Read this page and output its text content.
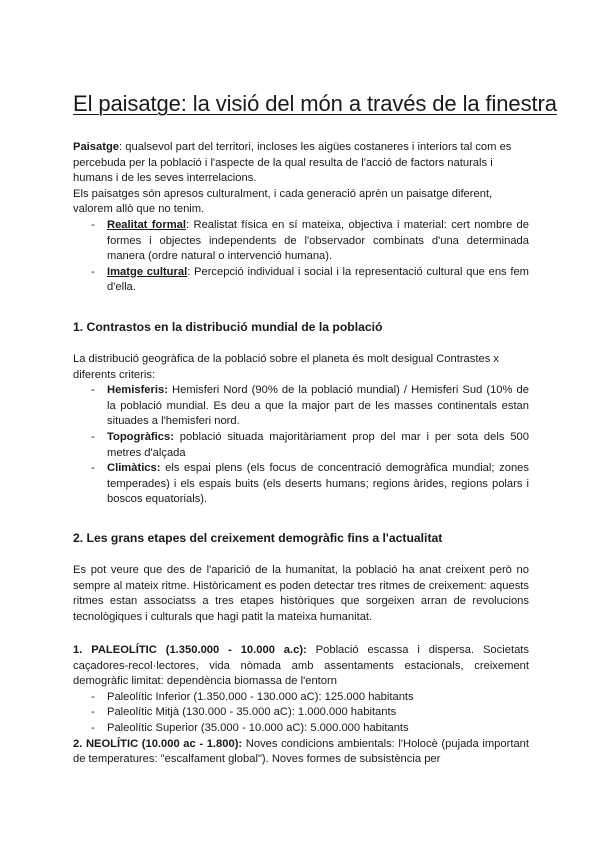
El paisatge: la visió del món a través de la finestra

Paisatge: qualsevol part del territori, incloses les aigües costaneres i interiors tal com es percebuda per la població i l'aspecte de la qual resulta de l'acció de factors naturals i humans i de les seves interrelacions.

Els paisatges són apresos culturalment, i cada generació aprèn un paisatge diferent, valorem allò que no tenim.

- Realitat formal: Realistat física en sí mateixa, objectiva i material: cert nombre de formes i objectes independents de l'observador combinats d'una determinada manera (ordre natural o intervenció humana).
- Imatge cultural: Percepció individual i social i la representació cultural que ens fem d'ella.
1. Contrastos en la distribució mundial de la població

La distribució geogràfica de la població sobre el planeta és molt desigual Contrastes x diferents criteris:

- Hemisferis: Hemisferi Nord (90% de la població mundial) / Hemisferi Sud (10% de la població mundial. Es deu a que la major part de les masses continentals estan situades a l'hemisferi nord.
- Topogràfics: població situada majoritàriament prop del mar i per sota dels 500 metres d'alçada
- Climàtics: els espai plens (els focus de concentració demogràfica mundial; zones temperades) i els espais buits (els deserts humans; regions àrides, regions polars i boscos equatorials).
2. Les grans etapes del creixement demogràfic fins a l'actualitat

Es pot veure que des de l'aparició de la humanitat, la població ha anat creixent però no sempre al mateix ritme. Històricament es poden detectar tres ritmes de creixement: aquests ritmes estan associatss a tres etapes històriques que sorgeixen arran de revolucions tecnològiques i culturals que hagi patit la mateixa humanitat.

1. PALEOLÍTIC (1.350.000 - 10.000 a.c): Població escassa i dispersa. Societats caçadores-recol·lectores, vida nòmada amb assentaments estacionals, creixement demogràfic limitat: dependència biomassa de l'entorn

- Paleolític Inferior (1.350.000 - 130.000 aC): 125.000 habitants
- Paleolític Mitjà (130.000 - 35.000 aC): 1.000.000 habitants
- Paleolític Superior (35.000 - 10.000 aC): 5.000.000 habitants

2. NEOLÍTIC (10.000 ac - 1.800): Noves condicions ambientals: l'Holocè (pujada important de temperatures: "escalfament global"). Noves formes de subsistència per
